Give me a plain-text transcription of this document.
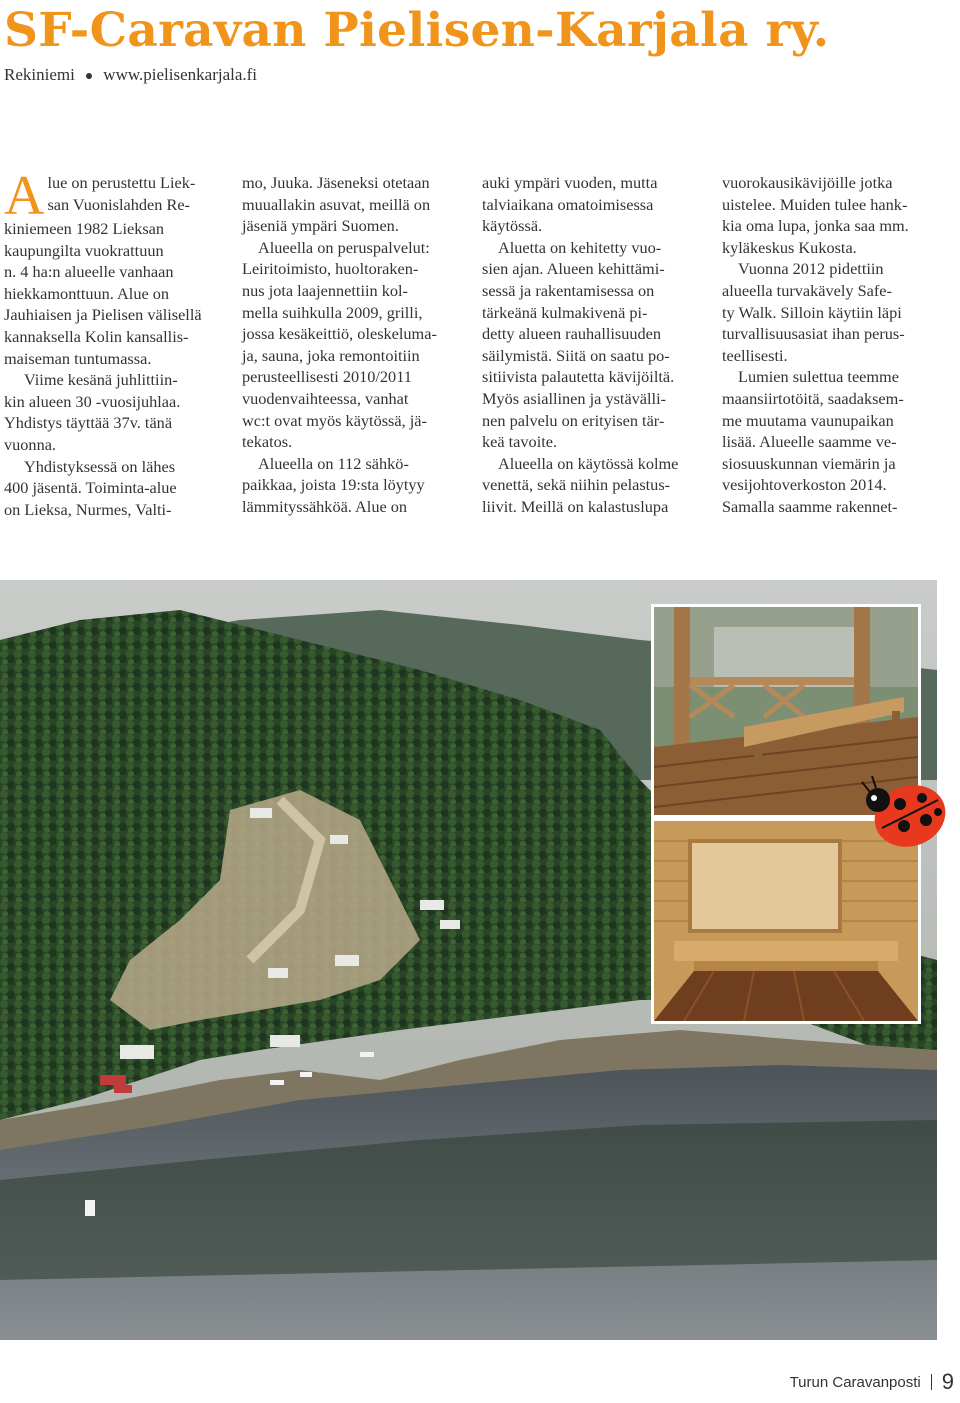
SF-Caravan Pielisen-Karjala ry.
Rekiniemi ● www.pielisenkarjala.fi
A lue on perustettu Liek-
san Vuonislahden Re-
kiniemeen 1982 Lieksan
kaupungilta vuokrattuun
n. 4 ha:n alueelle vanhaan
hiekkamonttuun. Alue on
Jauhiaisen ja Pielisen välisellä
kannaksella Kolin kansallis-
maiseman tuntumassa.
Viime kesänä juhlittiin-
kin alueen 30 -vuosijuhlaa.
Yhdistys täyttää 37v. tänä
vuonna.
Yhdistyksessä on lähes
400 jäsentä. Toiminta-alue
on Lieksa, Nurmes, Valti-
mo, Juuka. Jäseneksi otetaan
muuallakin asuvat, meillä on
jäseniä ympäri Suomen.
Alueella on peruspalvelut:
Leiritoimisto, huoltoraken-
nus jota laajennettiin kol-
mella suihkulla 2009, grilli,
jossa kesäkeittiö, oleskeluma-
ja, sauna, joka remontoitiin
perusteellisesti 2010/2011
vuodenvaihteessa, vanhat
wc:t ovat myös käytössä, jä-
tekatos.
Alueella on 112 sähkö-
paikkaa, joista 19:sta löytyy
lämmityssähköä. Alue on
auki ympäri vuoden, mutta
talviaikana omatoimisessa
käytössä.
Aluetta on kehitetty vuo-
sien ajan. Alueen kehittämi-
sessä ja rakentamisessa on
tärkeänä kulmakivenä pi-
detty alueen rauhallisuuden
säilymistä. Siitä on saatu po-
sitiivista palautetta kävijöiltä.
Myös asiallinen ja ystävälli-
nen palvelu on erityisen tär-
keä tavoite.
Alueella on käytössä kolme
venettä, sekä niihin pelastus-
liivit. Meillä on kalastuslupa
vuorokausikävijöille jotka
uistelee. Muiden tulee hank-
kia oma lupa, jonka saa mm.
kyläkeskus Kukosta.
Vuonna 2012 pidettiin
alueella turvakävely Safe-
ty Walk. Silloin käytiin läpi
turvallisuusasiat ihan perus-
teellisesti.
Lumien sulettua teemme
maansiirtotöitä, saadaksem-
me muutama vaunupaikan
lisää. Alueelle saamme ve-
siosuuskunnan viemärin ja
vesijohtoverkoston 2014.
Samalla saamme rakennet-
Turun Caravanposti 9
